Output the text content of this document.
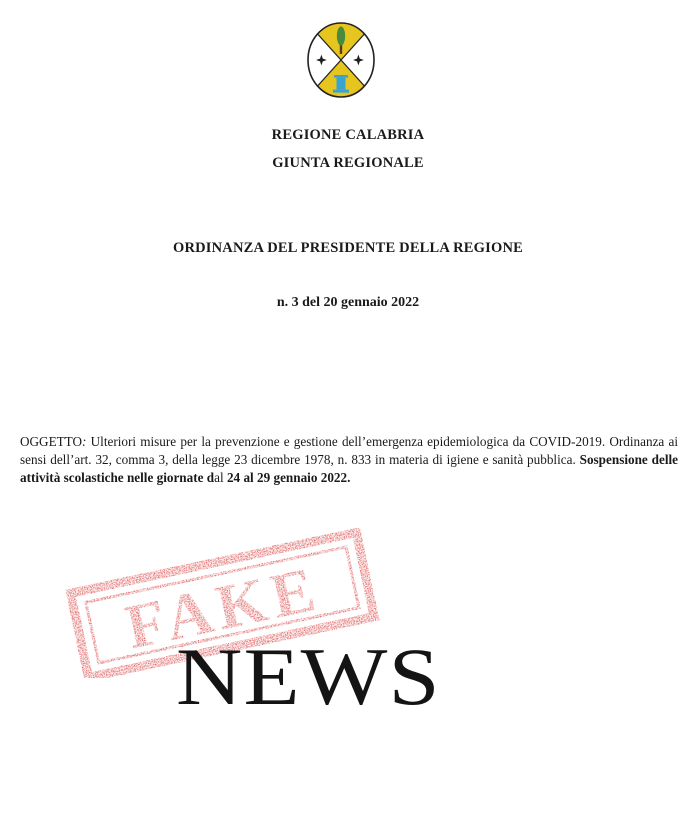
REGIONE CALABRIA
GIUNTA REGIONALE
ORDINANZA DEL PRESIDENTE DELLA REGIONE
n. 3 del 20 gennaio 2022
OGGETTO: Ulteriori misure per la prevenzione e gestione dell’emergenza epidemiologica da COVID-2019. Ordinanza ai sensi dell’art. 32, comma 3, della legge 23 dicembre 1978, n. 833 in materia di igiene e sanità pubblica. Sospensione delle attività scolastiche nelle giornate dal 24 al 29 gennaio 2022.
FAKE
NEWS
